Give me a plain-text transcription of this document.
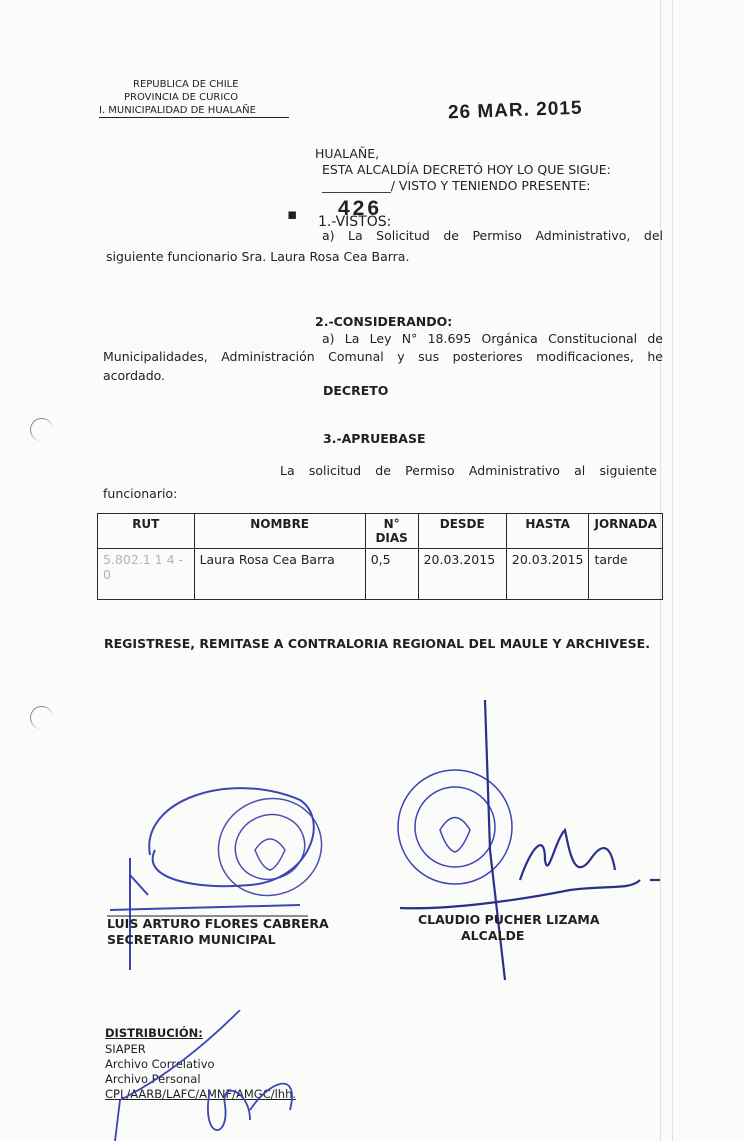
REPUBLICA DE CHILE
PROVINCIA DE CURICO
I. MUNICIPALIDAD DE HUALAÑE	26 MAR. 2015
HUALAÑE,
ESTA ALCALDÍA DECRETÓ HOY LO QUE SIGUE:
___________/ VISTO Y TENIENDO PRESENTE:
▪ 426
1.-VISTOS:
a) La Solicitud de Permiso Administrativo, del
siguiente funcionario Sra. Laura Rosa Cea Barra.
2.-CONSIDERANDO:
a) La Ley N° 18.695 Orgánica Constitucional de
Municipalidades, Administración Comunal y sus posteriores modificaciones, he
acordado.
DECRETO
3.-APRUEBASE
La solicitud de Permiso Administrativo al siguiente
funcionario:
RUT	NOMBRE	N° DIAS	DESDE	HASTA	JORNADA
5.802.1 1 4 - 0	Laura Rosa Cea Barra	0,5	20.03.2015	20.03.2015	tarde
REGISTRESE, REMITASE A CONTRALORIA REGIONAL DEL MAULE Y ARCHIVESE.
LUIS ARTURO FLORES CABRERA
SECRETARIO MUNICIPAL
CLAUDIO PUCHER LIZAMA
ALCALDE
DISTRIBUCIÓN:
SIAPER
Archivo Correlativo
Archivo Personal
CPL/AARB/LAFC/AMNF/AMGC/lhh.
